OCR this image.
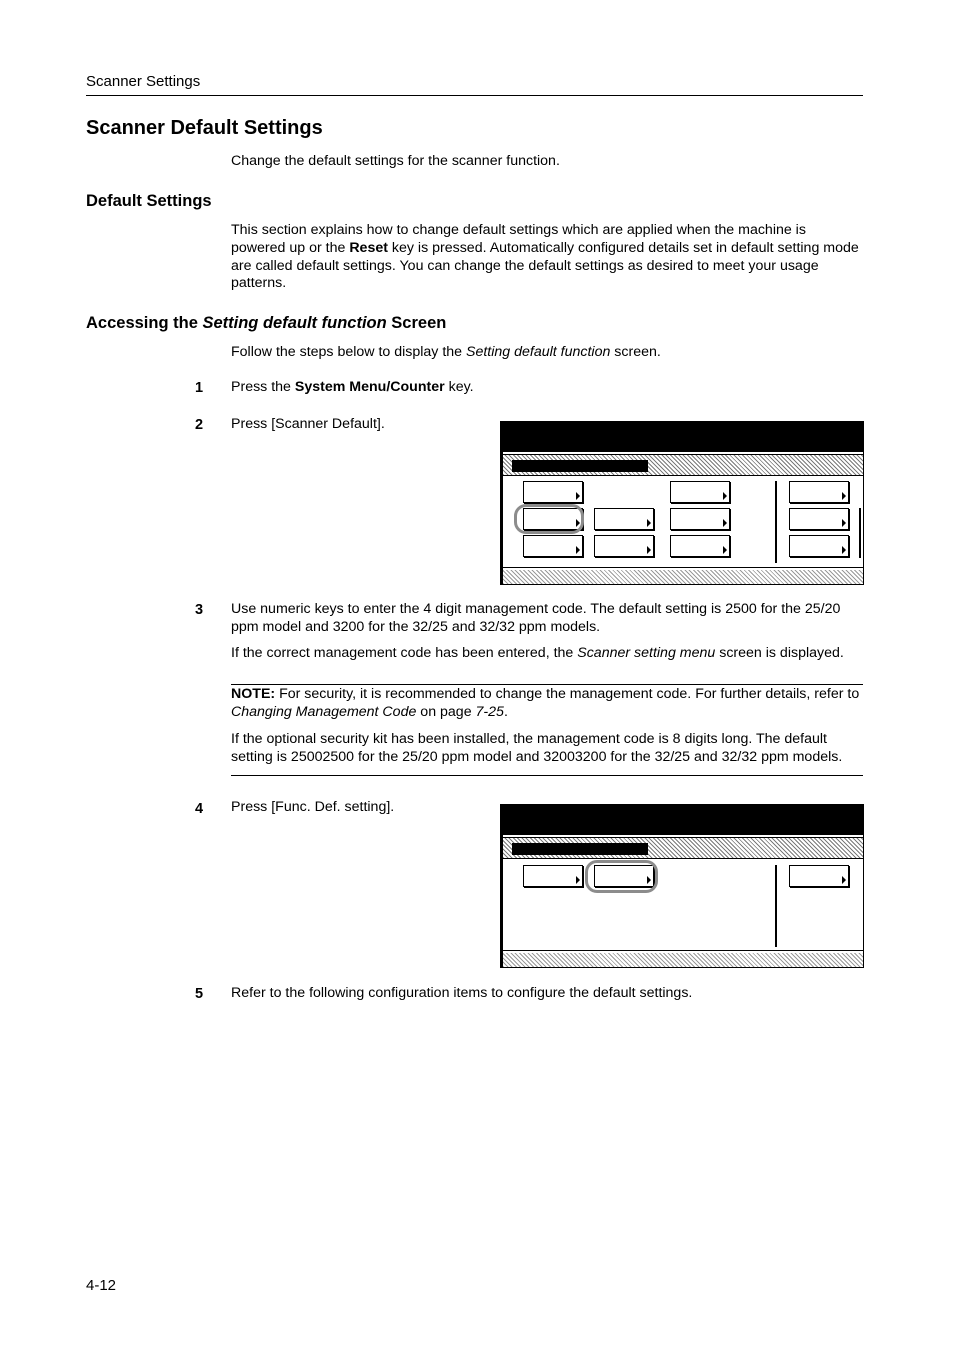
Scanner Settings
Scanner Default Settings
Change the default settings for the scanner function.
Default Settings
This section explains how to change default settings which are applied when the machine is powered up or the Reset key is pressed. Automatically configured details set in default setting mode are called default settings. You can change the default settings as desired to meet your usage patterns.
Accessing the Setting default function Screen
Follow the steps below to display the Setting default function screen.
1 Press the System Menu/Counter key.
2 Press [Scanner Default].
3 Use numeric keys to enter the 4 digit management code. The default setting is 2500 for the 25/20 ppm model and 3200 for the 32/25 and 32/32 ppm models.
If the correct management code has been entered, the Scanner setting menu screen is displayed.
NOTE: For security, it is recommended to change the management code. For further details, refer to Changing Management Code on page 7-25.
If the optional security kit has been installed, the management code is 8 digits long. The default setting is 25002500 for the 25/20 ppm model and 32003200 for the 32/25 and 32/32 ppm models.
4 Press [Func. Def. setting].
5 Refer to the following configuration items to configure the default settings.
4-12
